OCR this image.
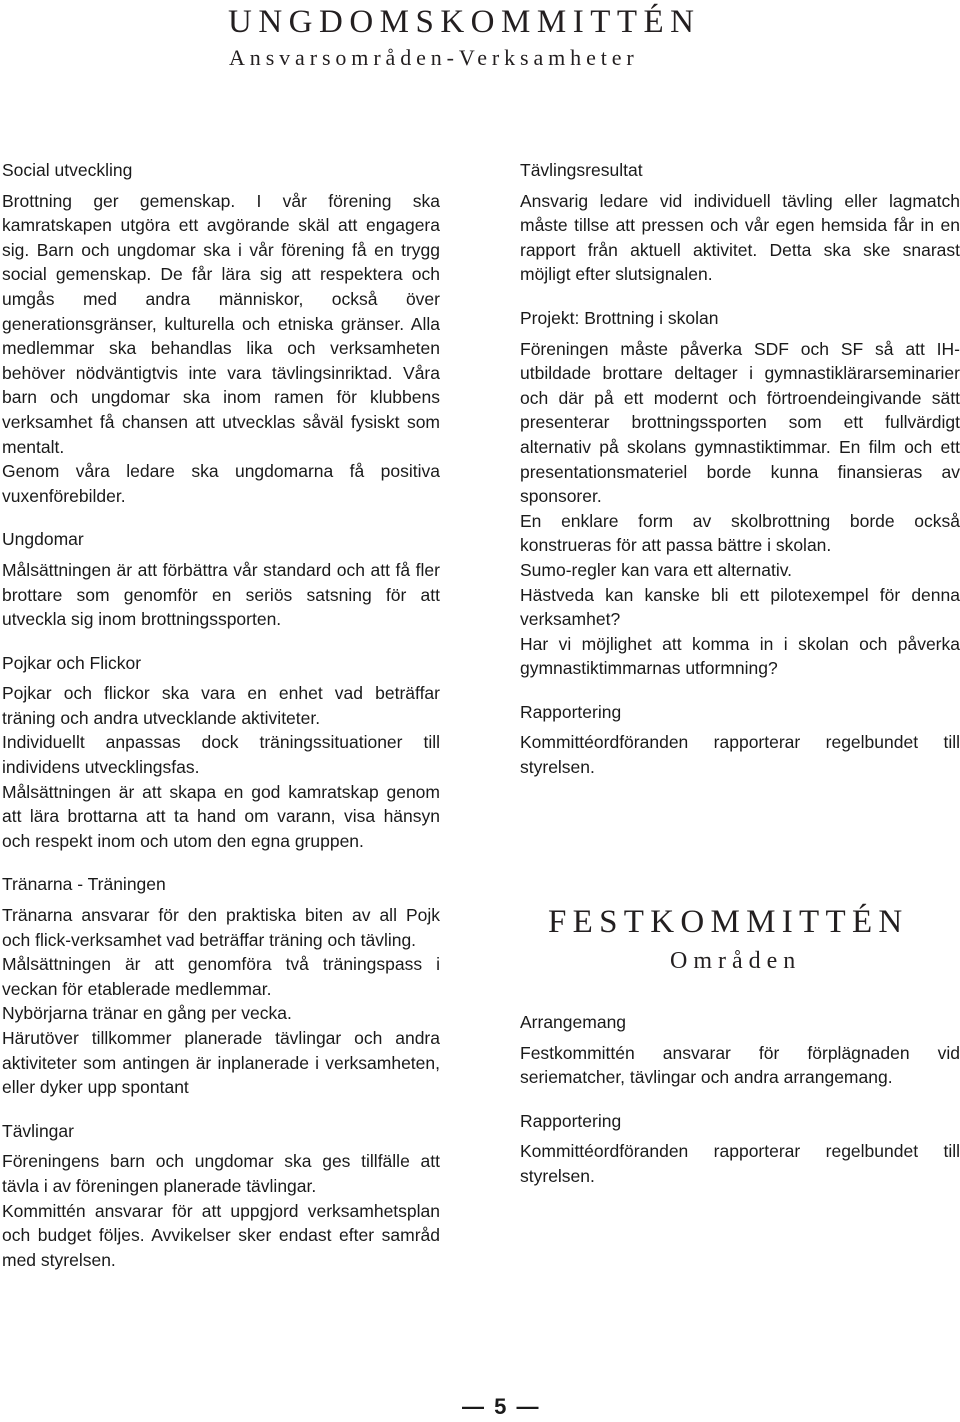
UNGDOMSKOMMITTÉN
Ansvarsområden-Verksamheter
Social utveckling

Brottning ger gemenskap. I vår förening ska kamratskapen utgöra ett avgörande skäl att engagera sig. Barn och ungdomar ska i vår förening få en trygg social gemenskap. De får lära sig att respektera och umgås med andra människor, också över generationsgränser, kulturella och etniska gränser. Alla medlemmar ska behandlas lika och verksamheten behöver nödväntigtvis inte vara tävlingsinriktad. Våra barn och ungdomar ska inom ramen för klubbens verksamhet få chansen att utvecklas såväl fysiskt som mentalt.

Genom våra ledare ska ungdomarna få positiva vuxenförebilder.

Ungdomar

Målsättningen är att förbättra vår standard och att få fler brottare som genomför en seriös satsning för att utveckla sig inom brottningssporten.

Pojkar och Flickor

Pojkar och flickor ska vara en enhet vad beträffar träning och andra utvecklande aktiviteter.

Individuellt anpassas dock träningssituationer till individens utvecklingsfas.

Målsättningen är att skapa en god kamratskap genom att lära brottarna att ta hand om varann, visa hänsyn och respekt inom och utom den egna gruppen.

Tränarna - Träningen

Tränarna ansvarar för den praktiska biten av all Pojk och flick-verksamhet vad beträffar träning och tävling.

Målsättningen är att genomföra två träningspass i veckan för etablerade medlemmar.

Nybörjarna tränar en gång per vecka.

Härutöver tillkommer planerade tävlingar och andra aktiviteter som antingen är inplanerade i verksamheten, eller dyker upp spontant

Tävlingar

Föreningens barn och ungdomar ska ges tillfälle att tävla i av föreningen planerade tävlingar.

Kommittén ansvarar för att uppgjord verksamhetsplan och budget följes. Avvikelser sker endast efter samråd med styrelsen.

Tävlingsresultat

Ansvarig ledare vid individuell tävling eller lagmatch måste tillse att pressen och vår egen hemsida får in en rapport från aktuell aktivitet. Detta ska ske snarast möjligt efter slutsignalen.

Projekt: Brottning i skolan

Föreningen måste påverka SDF och SF så att IH-utbildade brottare deltager i gymnastiklärarseminarier och där på ett modernt och förtroendeingivande sätt presenterar brottningssporten som ett fullvärdigt alternativ på skolans gymnastiktimmar. En film och ett presentationsmateriel borde kunna finansieras av sponsorer.

En enklare form av skolbrottning borde också konstrueras för att passa bättre i skolan.

Sumo-regler kan vara ett alternativ.

Hästveda kan kanske bli ett pilotexempel för denna verksamhet?

Har vi möjlighet att komma in i skolan och påverka gymnastiktimmarnas utformning?

Rapportering

Kommittéordföranden rapporterar regelbundet till styrelsen.

FESTKOMMITTÉN
Områden
Arrangemang

Festkommittén ansvarar för förplägnaden vid seriematcher, tävlingar och andra arrangemang.

Rapportering

Kommittéordföranden rapporterar regelbundet till styrelsen.

— 5 —
